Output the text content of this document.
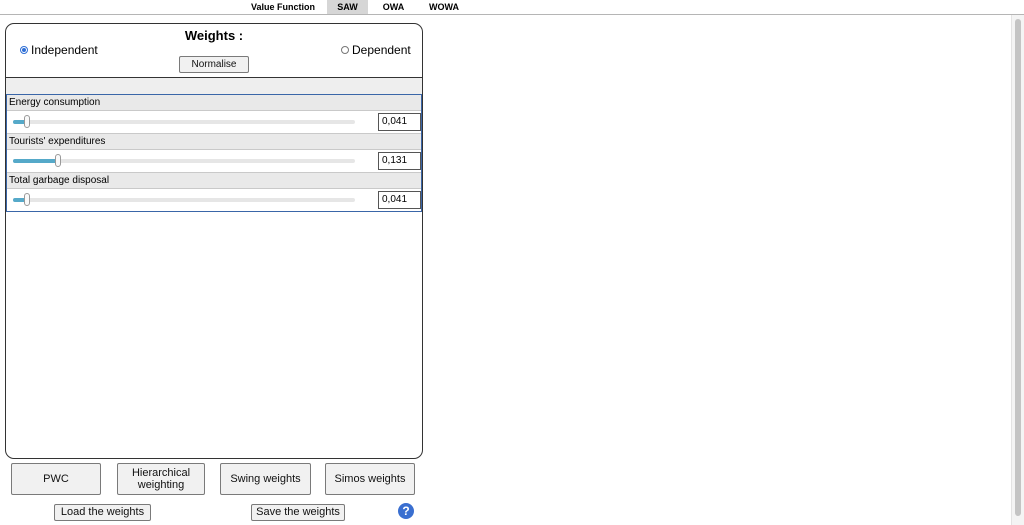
Value Function	SAW	OWA	WOWA
Weights :
Independent	Dependent
Normalise
Energy consumption
0,041
Tourists' expenditures
0,131
Total garbage disposal
0,041
PWC	Hierarchical weighting	Swing weights	Simos weights
Load the weights	Save the weights	?
